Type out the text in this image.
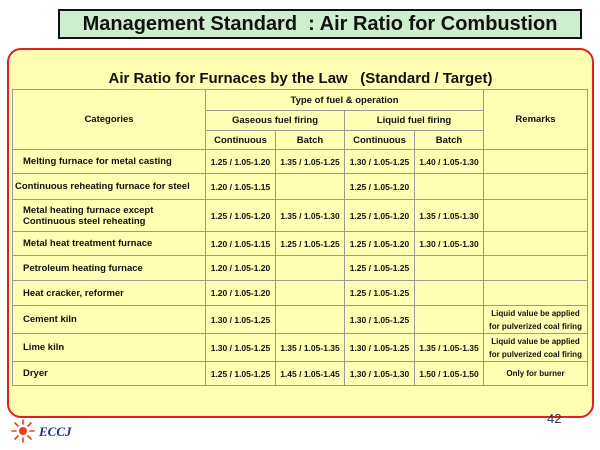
Management Standard  : Air Ratio for Combustion
Air Ratio for Furnaces by the Law   (Standard / Target)
Categories	Type of fuel & operation				Remarks
	Gaseous fuel firing		Liquid fuel firing		
	Continuous	Batch	Continuous	Batch	

Melting furnace for metal casting	1.25 / 1.05-1.20	1.35 / 1.05-1.25	1.30 / 1.05-1.25	1.40 / 1.05-1.30	

Continuous reheating furnace for steel	1.20 / 1.05-1.15		1.25 / 1.05-1.20		

Metal heating furnace except
Continuous steel reheating	1.25 / 1.05-1.20	1.35 / 1.05-1.30	1.25 / 1.05-1.20	1.35 / 1.05-1.30	

Metal heat treatment furnace	1.20 / 1.05-1.15	1.25 / 1.05-1.25	1.25 / 1.05-1.20	1.30 / 1.05-1.30	

Petroleum heating furnace	1.20 / 1.05-1.20		1.25 / 1.05-1.25		

Heat cracker, reformer	1.20 / 1.05-1.20		1.25 / 1.05-1.25		

Cement kiln	1.30 / 1.05-1.25		1.30 / 1.05-1.25		Liquid value be applied
for pulverized coal firing

Lime kiln	1.30 / 1.05-1.25	1.35 / 1.05-1.35	1.30 / 1.05-1.25	1.35 / 1.05-1.35	Liquid value be applied
for pulverized coal firing

Dryer	1.25 / 1.05-1.25	1.45 / 1.05-1.45	1.30 / 1.05-1.30	1.50 / 1.05-1.50	Only for burner
42
ECCJ
